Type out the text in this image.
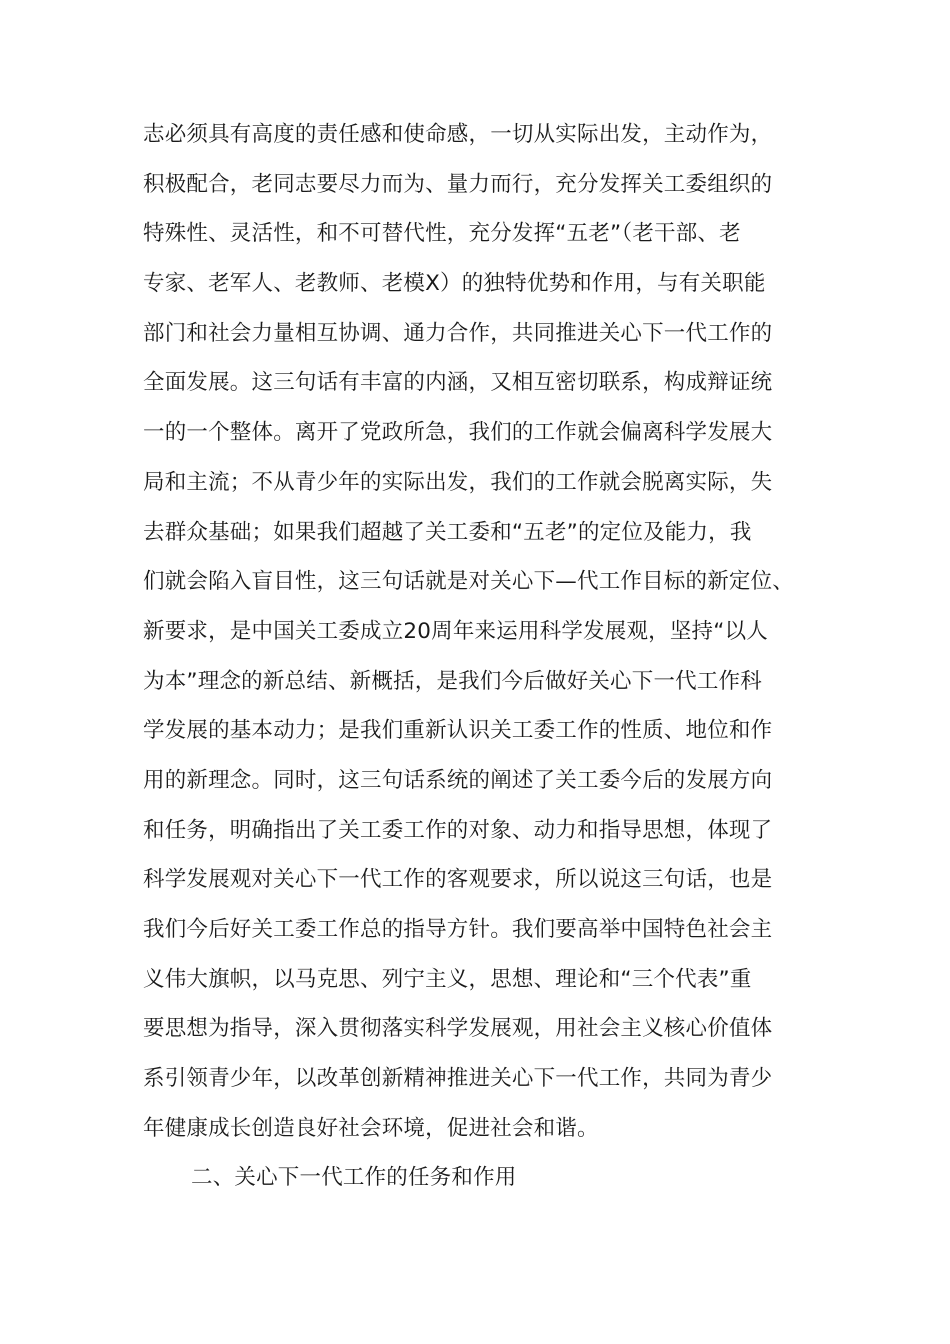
志必须具有高度的责任感和使命感，一切从实际出发，主动作为，
积极配合，老同志要尽力而为、量力而行，充分发挥关工委组织的
特殊性、灵活性，和不可替代性，充分发挥“五老”（老干部、老
专家、老军人、老教师、老模X）的独特优势和作用，与有关职能
部门和社会力量相互协调、通力合作，共同推进关心下一代工作的
全面发展。这三句话有丰富的内涵，又相互密切联系，构成辩证统
一的一个整体。离开了党政所急，我们的工作就会偏离科学发展大
局和主流；不从青少年的实际出发，我们的工作就会脱离实际，失
去群众基础；如果我们超越了关工委和“五老”的定位及能力，我
们就会陷入盲目性，这三句话就是对关心下—代工作目标的新定位、
新要求，是中国关工委成立20周年来运用科学发展观，坚持“以人
为本”理念的新总结、新概括，是我们今后做好关心下一代工作科
学发展的基本动力；是我们重新认识关工委工作的性质、地位和作
用的新理念。同时，这三句话系统的阐述了关工委今后的发展方向
和任务，明确指出了关工委工作的对象、动力和指导思想，体现了
科学发展观对关心下一代工作的客观要求，所以说这三句话，也是
我们今后好关工委工作总的指导方针。我们要高举中国特色社会主
义伟大旗帜，以马克思、列宁主义，思想、理论和“三个代表”重
要思想为指导，深入贯彻落实科学发展观，用社会主义核心价值体
系引领青少年，以改革创新精神推进关心下一代工作，共同为青少
年健康成长创造良好社会环境，促进社会和谐。
二、关心下一代工作的任务和作用
